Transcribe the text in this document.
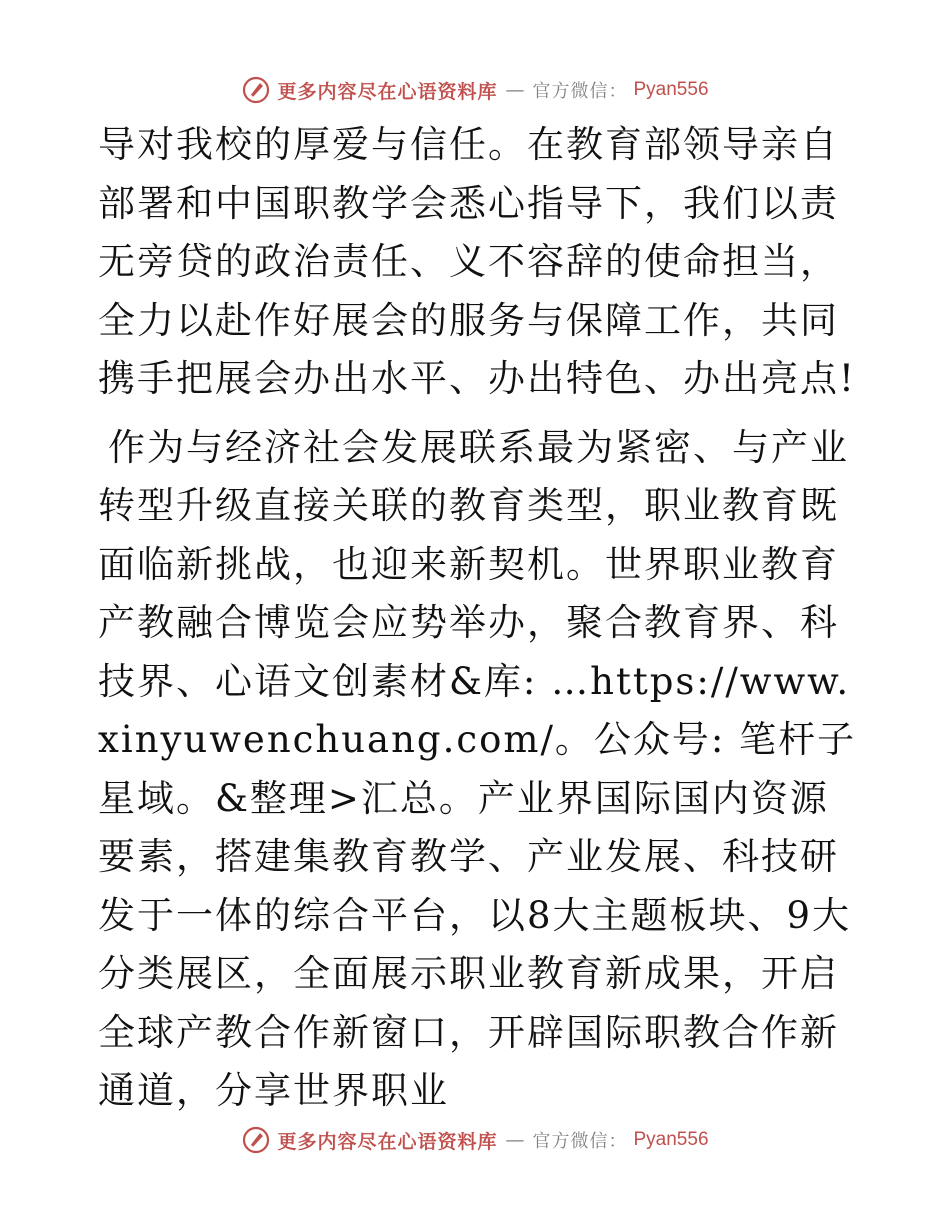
更多内容尽在心语资料库 — 官方微信： Pyan556

导对我校的厚爱与信任。在教育部领导亲自部署和中国职教学会悉心指导下，我们以责无旁贷的政治责任、义不容辞的使命担当，全力以赴作好展会的服务与保障工作，共同携手把展会办出水平、办出特色、办出亮点!

作为与经济社会发展联系最为紧密、与产业转型升级直接关联的教育类型，职业教育既面临新挑战，也迎来新契机。世界职业教育产教融合博览会应势举办，聚合教育界、科技界、心语文创素材&库: …https://www.xinyuwenchuang.com/。公众号: 笔杆子星域。&整理>汇总。产业界国际国内资源要素，搭建集教育教学、产业发展、科技研发于一体的综合平台，以8大主题板块、9大分类展区，全面展示职业教育新成果，开启全球产教合作新窗口，开辟国际职教合作新通道，分享世界职业

更多内容尽在心语资料库 — 官方微信： Pyan556
